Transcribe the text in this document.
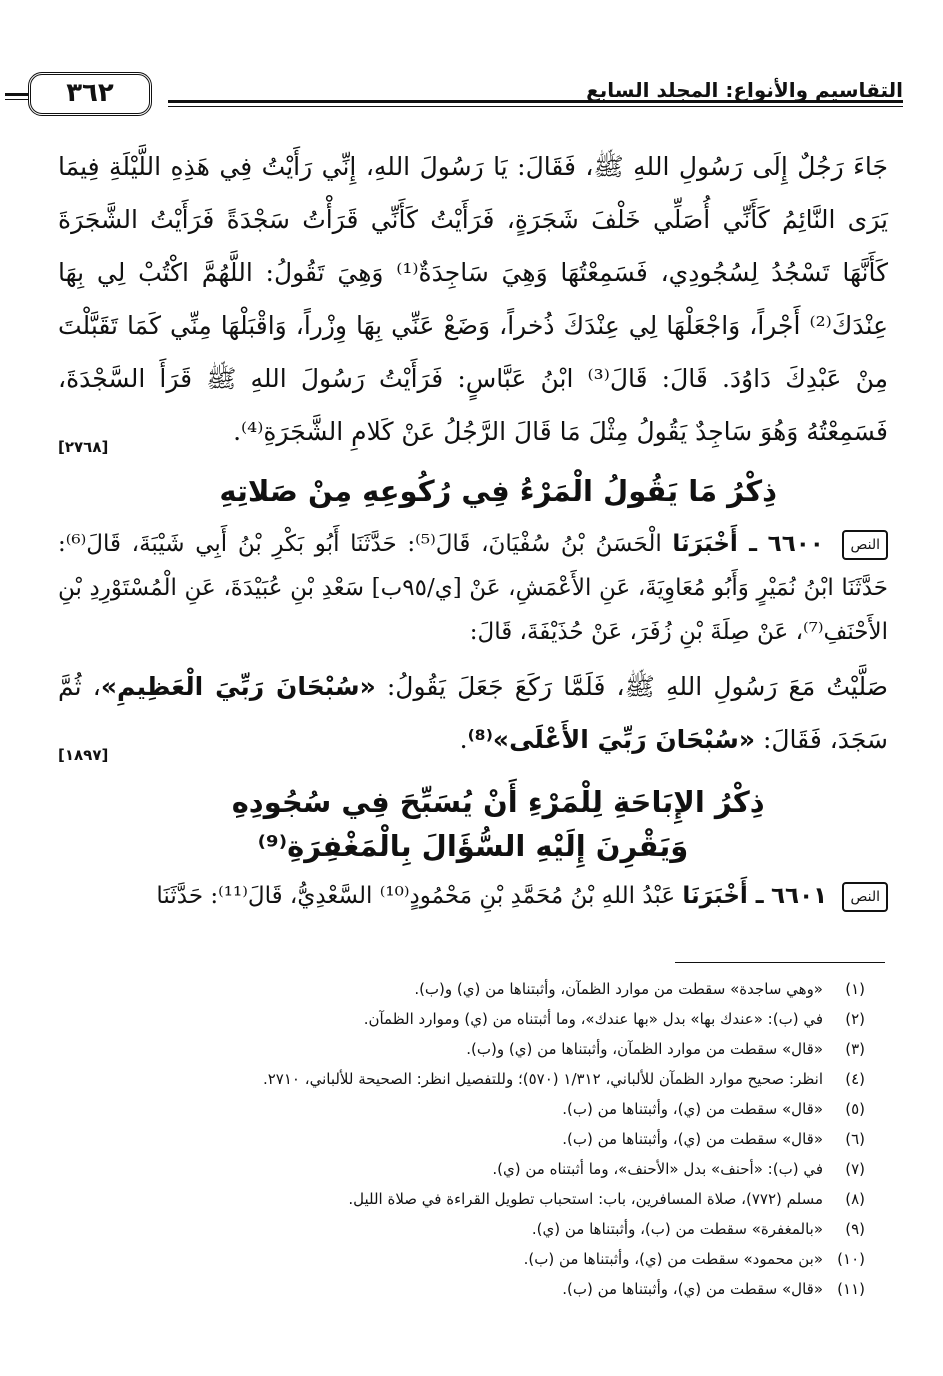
التقاسيم والأنواع: المجلد السابع
٣٦٢

جَاءَ رَجُلٌ إِلَى رَسُولِ اللهِ ﷺ، فَقَالَ: يَا رَسُولَ اللهِ، إِنِّي رَأَيْتُ فِي هَذِهِ اللَّيْلَةِ فِيمَا يَرَى النَّائِمُ كَأَنِّي أُصَلِّي خَلْفَ شَجَرَةٍ، فَرَأَيْتُ كَأَنِّي قَرَأْتُ سَجْدَةً فَرَأَيْتُ الشَّجَرَةَ كَأَنَّهَا تَسْجُدُ لِسُجُودِي، فَسَمِعْتُهَا وَهِيَ سَاجِدَةٌ⁽¹⁾ وَهِيَ تَقُولُ: اللَّهُمَّ اكْتُبْ لِي بِهَا عِنْدَكَ⁽²⁾ أَجْراً، وَاجْعَلْهَا لِي عِنْدَكَ ذُخراً، وَضَعْ عَنِّي بِهَا وِزْراً، وَاقْبَلْهَا مِنِّي كَمَا تَقَبَّلْتَ مِنْ عَبْدِكَ دَاوُدَ. قَالَ: قَالَ⁽³⁾ ابْنُ عَبَّاسٍ: فَرَأَيْتُ رَسُولَ اللهِ ﷺ قَرَأَ السَّجْدَةَ، فَسَمِعْتُهُ وَهُوَ سَاجِدٌ يَقُولُ مِثْلَ مَا قَالَ الرَّجُلُ عَنْ كَلامِ الشَّجَرَةِ⁽⁴⁾.
[٢٧٦٨]

ذِكْرُ مَا يَقُولُ الْمَرْءُ فِي رُكُوعِهِ مِنْ صَلاتِهِ

النص ٦٦٠٠ ـ أَخْبَرَنَا الْحَسَنُ بْنُ سُفْيَانَ، قَالَ⁽⁵⁾: حَدَّثَنَا أَبُو بَكْرِ بْنُ أَبِي شَيْبَةَ، قَالَ⁽⁶⁾: حَدَّثَنَا ابْنُ نُمَيْرٍ وَأَبُو مُعَاوِيَةَ، عَنِ الأَعْمَشِ، عَنْ [ي/٩٥ب] سَعْدِ بْنِ عُبَيْدَةَ، عَنِ الْمُسْتَوْرِدِ بْنِ الأَحْنَفِ⁽⁷⁾، عَنْ صِلَةَ بْنِ زُفَرَ، عَنْ حُذَيْفَةَ، قَالَ:

صَلَّيْتُ مَعَ رَسُولِ اللهِ ﷺ، فَلَمَّا رَكَعَ جَعَلَ يَقُولُ: «سُبْحَانَ رَبِّيَ الْعَظِيمِ»، ثُمَّ سَجَدَ، فَقَالَ: «سُبْحَانَ رَبِّيَ الأَعْلَى»⁽⁸⁾.
[١٨٩٧]

ذِكْرُ الإِبَاحَةِ لِلْمَرْءِ أَنْ يُسَبِّحَ فِي سُجُودِهِ
وَيَقْرِنَ إِلَيْهِ السُّؤَالَ بِالْمَغْفِرَةِ⁽⁹⁾

النص ٦٦٠١ ـ أَخْبَرَنَا عَبْدُ اللهِ بْنُ مُحَمَّدِ بْنِ مَحْمُودٍ⁽¹⁰⁾ السَّعْدِيُّ، قَالَ⁽¹¹⁾: حَدَّثَنَا

(١)«وهي ساجدة» سقطت من موارد الظمآن، وأثبتناها من (ي) و(ب).

(٢)في (ب): «عندك بها» بدل «بها عندك»، وما أثبتناه من (ي) وموارد الظمآن.

(٣)«قال» سقطت من موارد الظمآن، وأثبتناها من (ي) و(ب).

(٤)انظر: صحيح موارد الظمآن للألباني، ١/٣١٢ (٥٧٠)؛ وللتفصيل انظر: الصحيحة للألباني، ٢٧١٠.

(٥)«قال» سقطت من (ي)، وأثبتناها من (ب).

(٦)«قال» سقطت من (ي)، وأثبتناها من (ب).

(٧)في (ب): «أحنف» بدل «الأحنف»، وما أثبتناه من (ي).

(٨)مسلم (٧٧٢)، صلاة المسافرين، باب: استحباب تطويل القراءة في صلاة الليل.

(٩)«بالمغفرة» سقطت من (ب)، وأثبتناها من (ي).

(١٠)«بن محمود» سقطت من (ي)، وأثبتناها من (ب).

(١١)«قال» سقطت من (ي)، وأثبتناها من (ب).
